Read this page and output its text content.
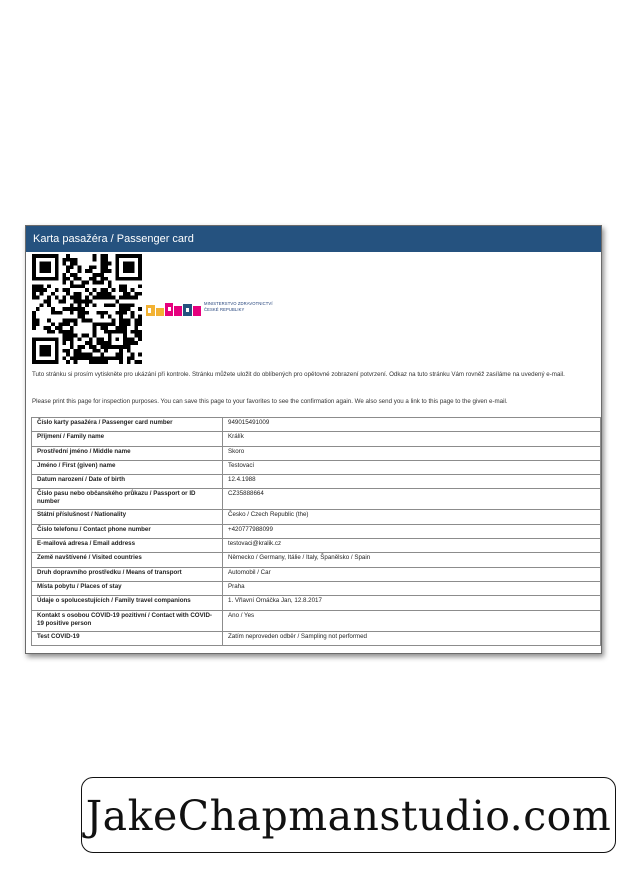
Karta pasažéra / Passenger card
MINISTERSTVO ZDRAVOTNICTVÍ
ČESKÉ REPUBLIKY
Tuto stránku si prosím vytiskněte pro ukázání při kontrole. Stránku můžete uložit do oblíbených pro opětovné zobrazení potvrzení. Odkaz na tuto stránku Vám rovněž zasíláme na uvedený e-mail.
Please print this page for inspection purposes. You can save this page to your favorites to see the confirmation again. We also send you a link to this page to the given e-mail.
Číslo karty pasažéra / Passenger card number	949015491009
Příjmení / Family name	Králík
Prostřední jméno / Middle name	Skoro
Jméno / First (given) name	Testovací
Datum narození / Date of birth	12.4.1988
Číslo pasu nebo občanského průkazu / Passport or ID number	CZ35888664
Státní příslušnost / Nationality	Česko / Czech Republic (the)
Číslo telefonu / Contact phone number	+420777988099
E-mailová adresa / Email address	testovaci@kralik.cz
Země navštívené / Visited countries	Německo / Germany, Itálie / Italy, Španělsko / Spain
Druh dopravního prostředku / Means of transport	Automobil / Car
Místa pobytu / Places of stay	Praha
Údaje o spolucestujících / Family travel companions	1. Vřlavní Ornáčka Jan, 12.8.2017
Kontakt s osobou COVID-19 pozitivní / Contact with COVID-19 positive person	Ano / Yes
Test COVID-19	Zatím neproveden odběr / Sampling not performed
JakeChapmanstudio.com
